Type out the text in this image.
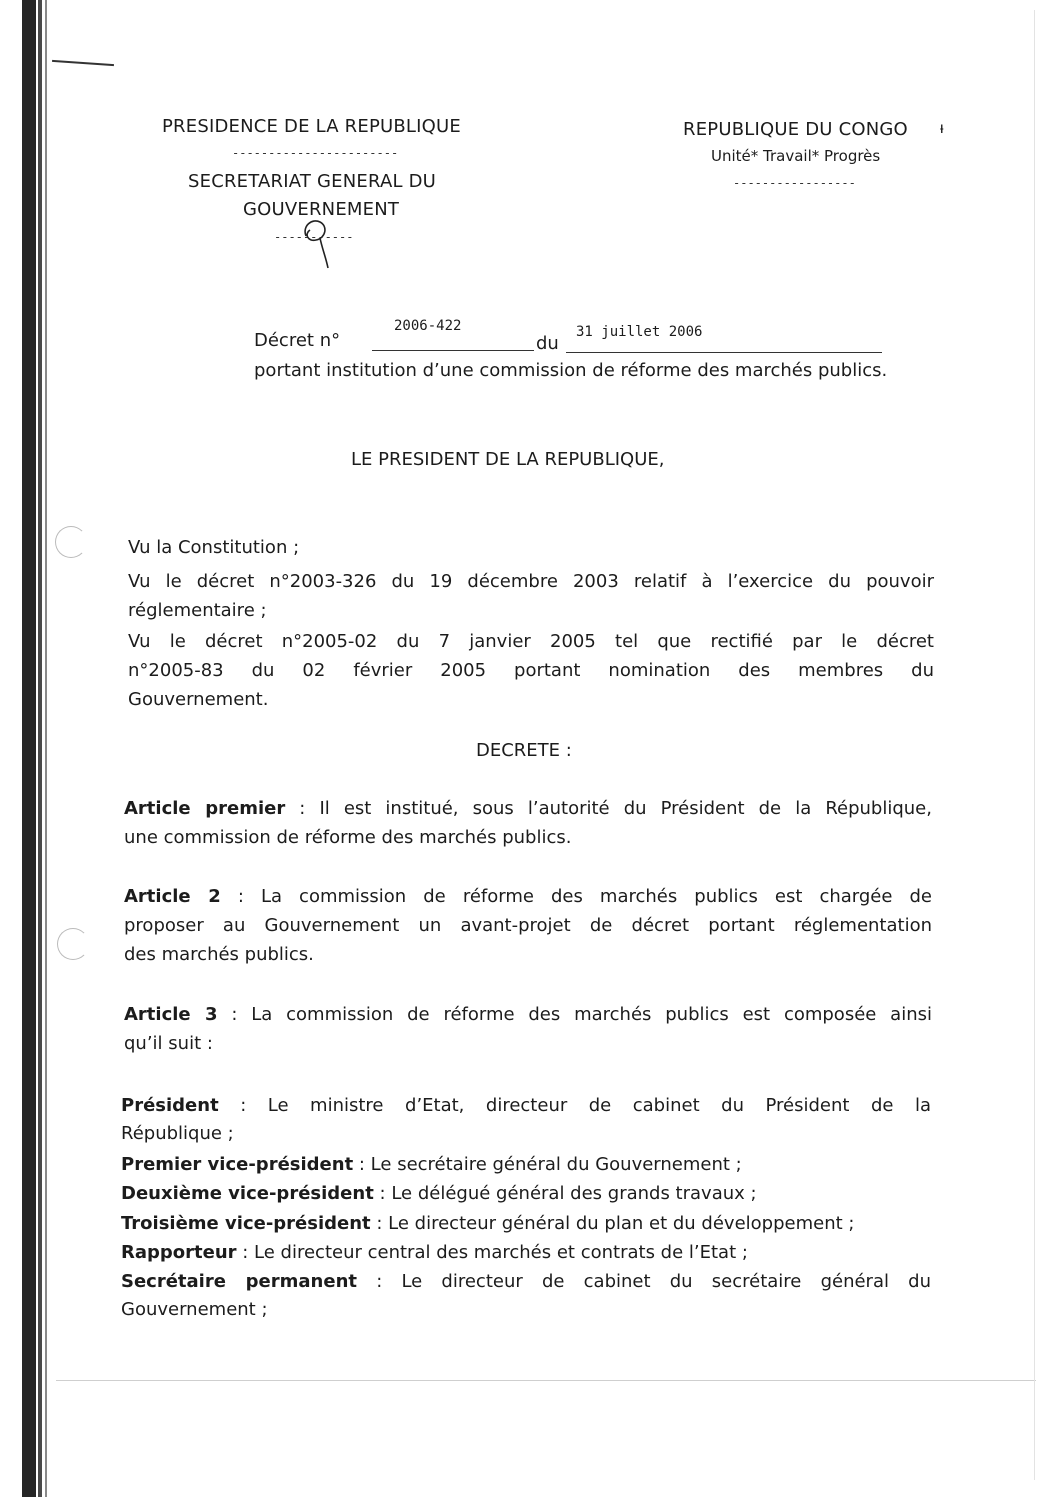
PRESIDENCE DE LA REPUBLIQUE
-----------------------
SECRETARIAT GENERAL DU
GOUVERNEMENT
-----------
REPUBLIQUE DU CONGO ᵼ
Unité* Travail* Progrès
-----------------
Décret n°
2006-422
du
31 juillet 2006
portant institution d’une commission de réforme des marchés publics.
LE PRESIDENT DE LA REPUBLIQUE,
Vu la Constitution ;
Vu le décret n°2003-326 du 19 décembre 2003 relatif à l’exercice du pouvoir
réglementaire ;
Vu le décret n°2005-02 du 7 janvier 2005 tel que rectifié par le décret
n°2005-83 du 02 février 2005 portant nomination des membres du
Gouvernement.
DECRETE :
Article premier : Il est institué, sous l’autorité du Président de la République,
une commission de réforme des marchés publics.
Article 2 : La commission de réforme des marchés publics est chargée de
proposer au Gouvernement un avant-projet de décret portant réglementation
des marchés publics.
Article 3 : La commission de réforme des marchés publics est composée ainsi
qu’il suit :
Président : Le ministre d’Etat, directeur de cabinet du Président de la
République ;
Premier vice-président : Le secrétaire général du Gouvernement ;
Deuxième vice-président : Le délégué général des grands travaux ;
Troisième vice-président : Le directeur général du plan et du développement ;
Rapporteur : Le directeur central des marchés et contrats de l’Etat ;
Secrétaire permanent : Le directeur de cabinet du secrétaire général du
Gouvernement ;
